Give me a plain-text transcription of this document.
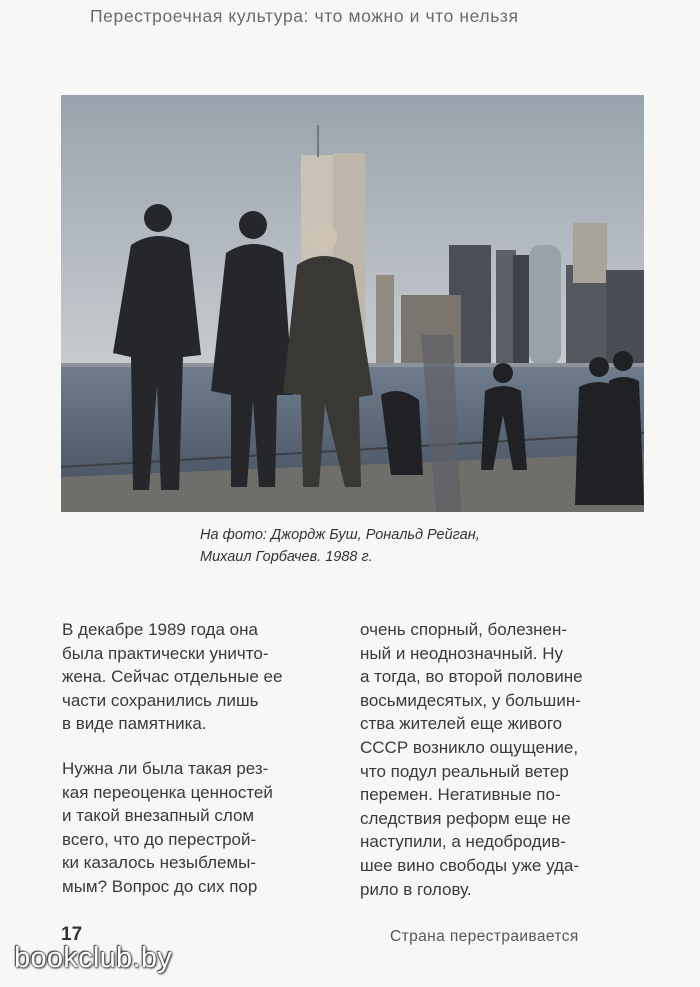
Перестроечная культура: что можно и что нельзя
На фото: Джордж Буш, Рональд Рейган,
Михаил Горбачев. 1988 г.
В декабре 1989 года она
была практически уничто-
жена. Сейчас отдельные ее
части сохранились лишь
в виде памятника.
Нужна ли была такая рез-
кая переоценка ценностей
и такой внезапный слом
всего, что до перестрой-
ки казалось незыблемы-
мым? Вопрос до сих пор
очень спорный, болезнен-
ный и неоднозначный. Ну
а тогда, во второй половине
восьмидесятых, у большин-
ства жителей еще живого
СССР возникло ощущение,
что подул реальный ветер
перемен. Негативные по-
следствия реформ еще не
наступили, а недобродив-
шее вино свободы уже уда-
рило в голову.
17	Страна перестраивается
bookclub.by
